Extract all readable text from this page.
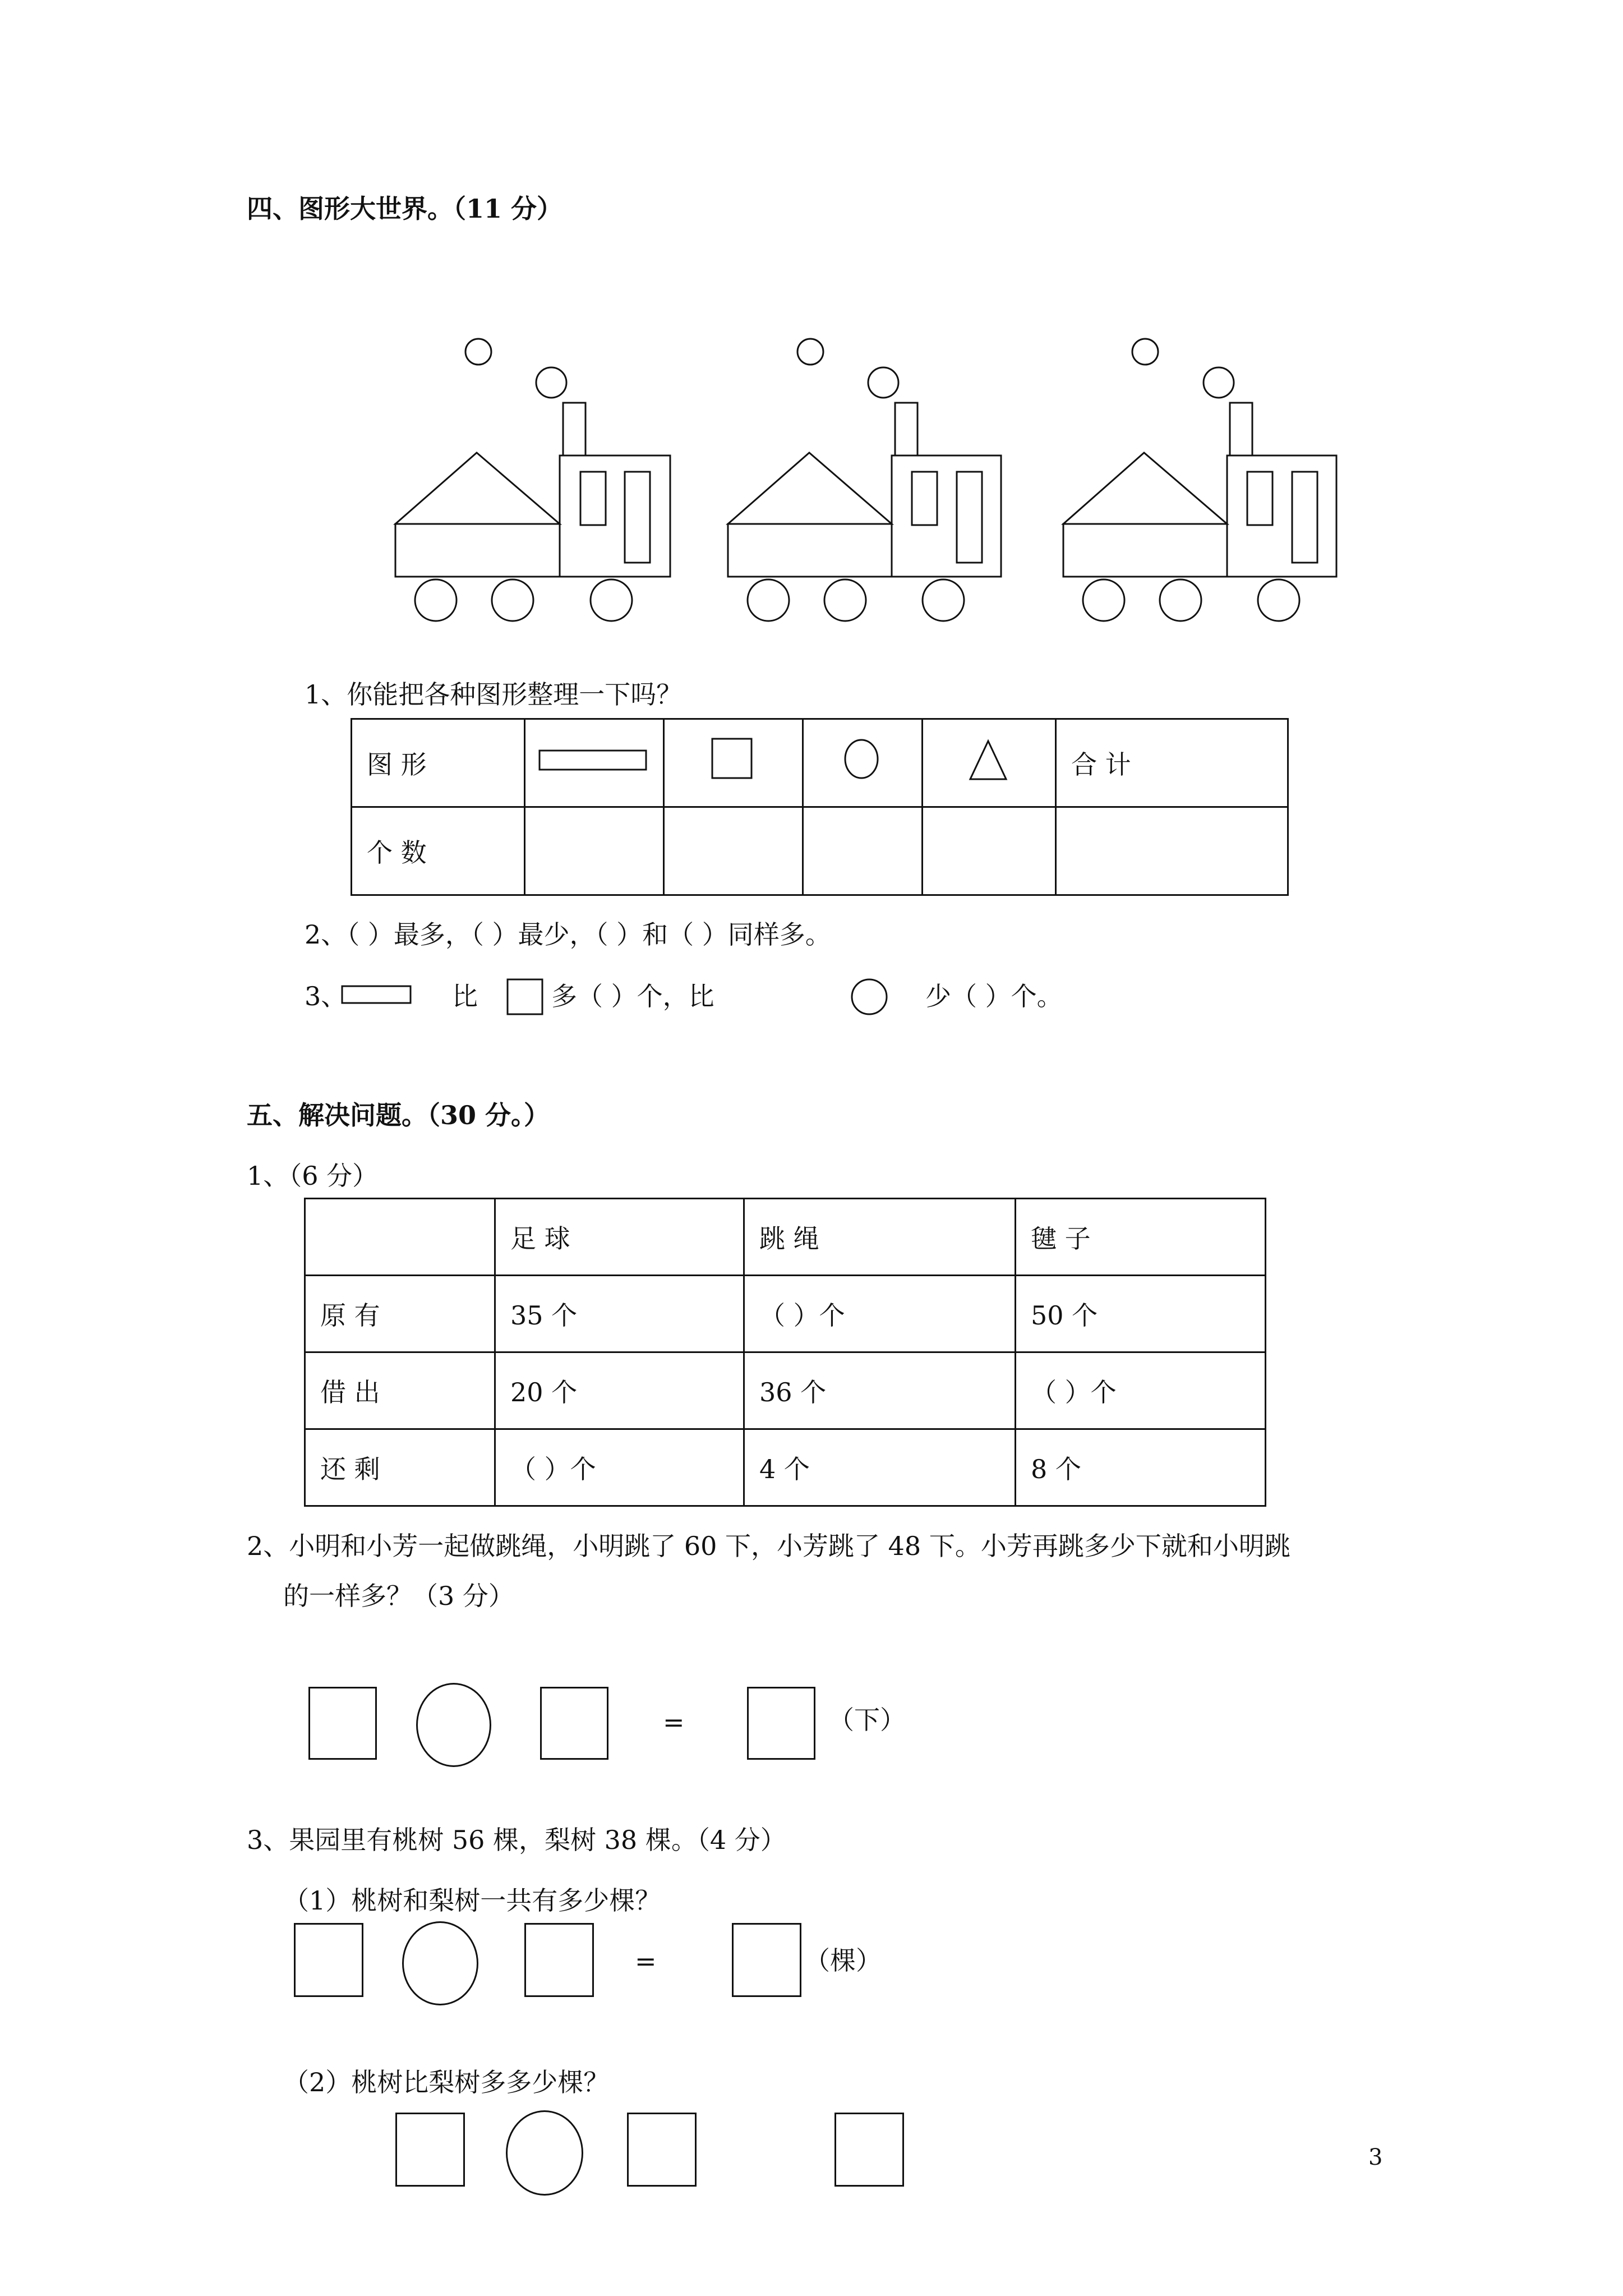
四、图形大世界。（11 分）
1、你能把各种图形整理一下吗？
图 形					合 计
个 数					
2、（ ）最多，（ ）最少，（ ）和（ ）同样多。
3、	比	多（ ）个，比	少（ ）个。
五、解决问题。（30 分。）
1、（6 分）
	足 球	跳 绳	毽 子
原 有	35 个	（ ）个	50 个
借 出	20 个	36 个	（ ）个
还 剩	（ ）个	4 个	8 个
2、小明和小芳一起做跳绳，小明跳了 60 下，小芳跳了 48 下。小芳再跳多少下就和小明跳
的一样多？（3 分）
=	（下）
3、果园里有桃树 56 棵，梨树 38 棵。（4 分）
（1）桃树和梨树一共有多少棵？
=	（棵）
（2）桃树比梨树多多少棵？
3
